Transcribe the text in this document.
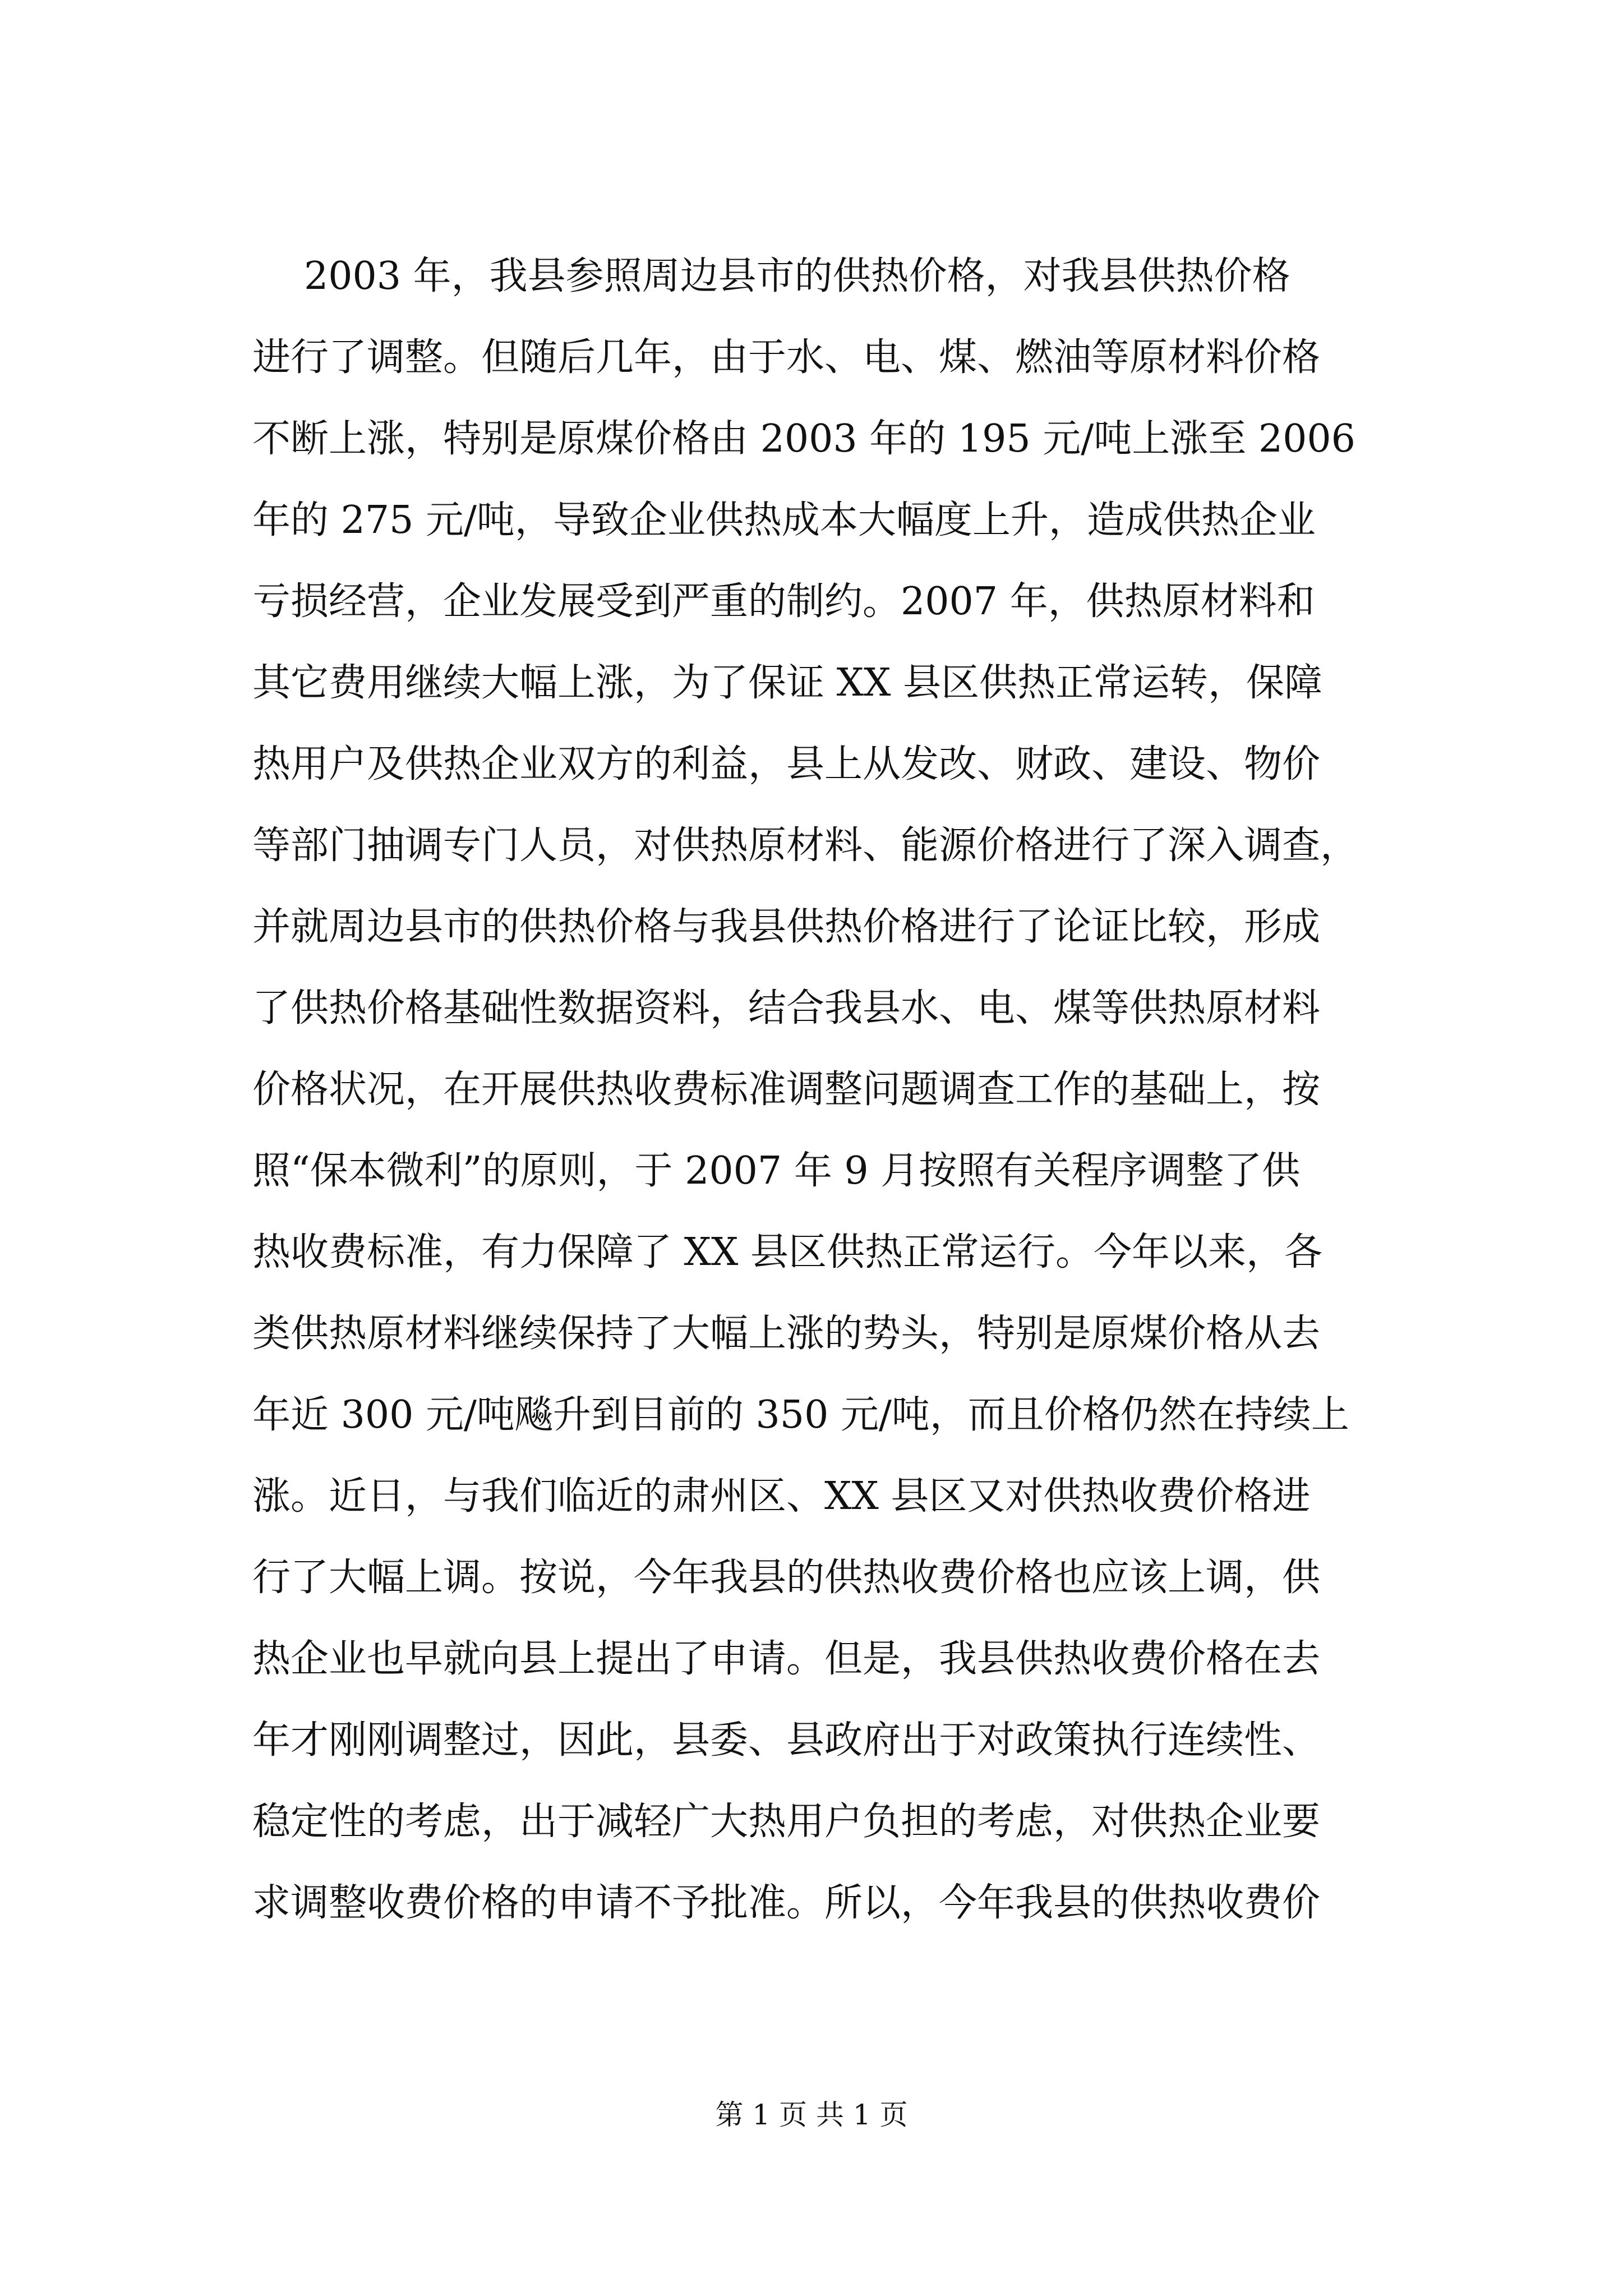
2003 年，我县参照周边县市的供热价格，对我县供热价格
进行了调整。但随后几年，由于水、电、煤、燃油等原材料价格
不断上涨，特别是原煤价格由 2003 年的 195 元/吨上涨至 2006
年的 275 元/吨，导致企业供热成本大幅度上升，造成供热企业
亏损经营，企业发展受到严重的制约。2007 年，供热原材料和
其它费用继续大幅上涨，为了保证 XX 县区供热正常运转，保障
热用户及供热企业双方的利益，县上从发改、财政、建设、物价
等部门抽调专门人员，对供热原材料、能源价格进行了深入调查，
并就周边县市的供热价格与我县供热价格进行了论证比较，形成
了供热价格基础性数据资料，结合我县水、电、煤等供热原材料
价格状况，在开展供热收费标准调整问题调查工作的基础上，按
照“保本微利”的原则，于 2007 年 9 月按照有关程序调整了供
热收费标准，有力保障了 XX 县区供热正常运行。今年以来，各
类供热原材料继续保持了大幅上涨的势头，特别是原煤价格从去
年近 300 元/吨飚升到目前的 350 元/吨，而且价格仍然在持续上
涨。近日，与我们临近的肃州区、XX 县区又对供热收费价格进
行了大幅上调。按说，今年我县的供热收费价格也应该上调，供
热企业也早就向县上提出了申请。但是，我县供热收费价格在去
年才刚刚调整过，因此，县委、县政府出于对政策执行连续性、
稳定性的考虑，出于减轻广大热用户负担的考虑，对供热企业要
求调整收费价格的申请不予批准。所以，今年我县的供热收费价
第 1 页 共 1 页
